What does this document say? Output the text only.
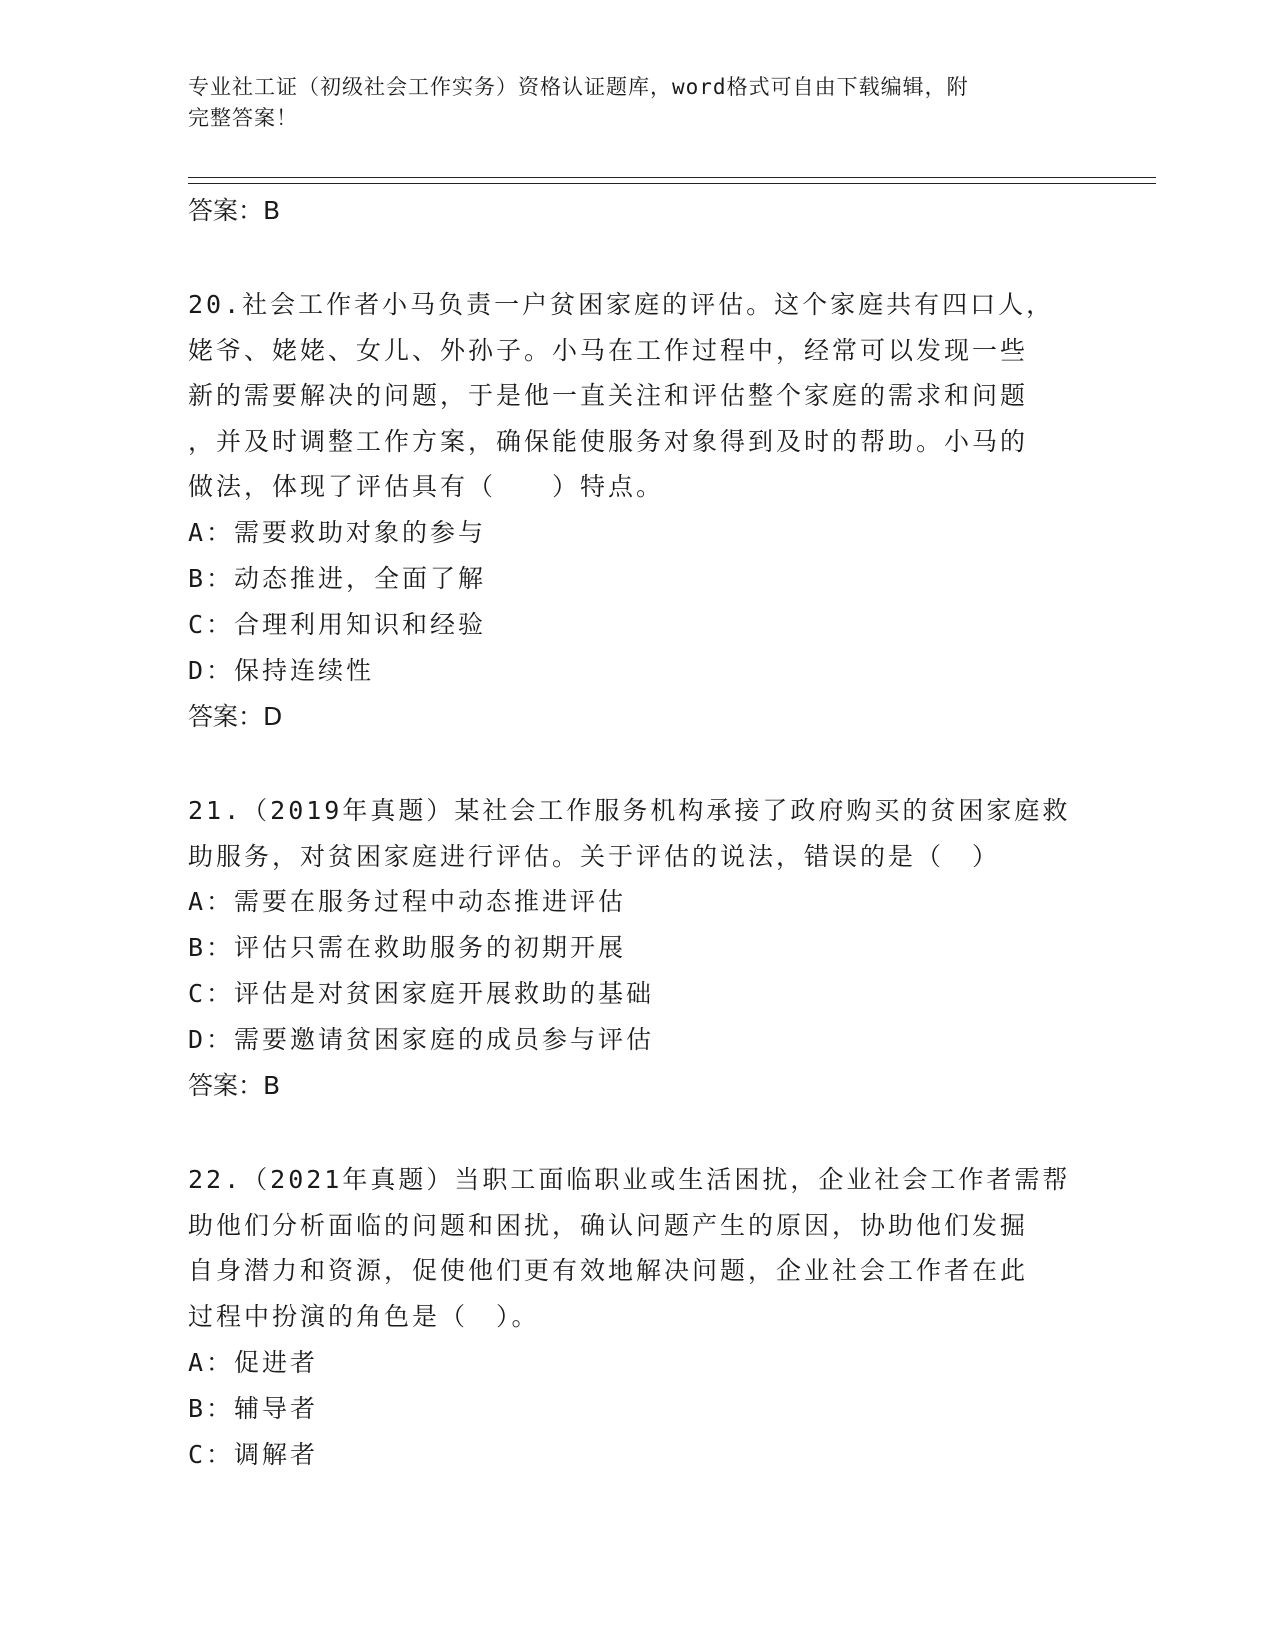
专业社工证（初级社会工作实务）资格认证题库，word格式可自由下载编辑，附
完整答案！
答案：B
20.社会工作者小马负责一户贫困家庭的评估。这个家庭共有四口人，
姥爷、姥姥、女儿、外孙子。小马在工作过程中，经常可以发现一些
新的需要解决的问题，于是他一直关注和评估整个家庭的需求和问题
，并及时调整工作方案，确保能使服务对象得到及时的帮助。小马的
做法，体现了评估具有（　　）特点。
A：需要救助对象的参与
B：动态推进，全面了解
C：合理利用知识和经验
D：保持连续性
答案：D
21.（2019年真题）某社会工作服务机构承接了政府购买的贫困家庭救
助服务，对贫困家庭进行评估。关于评估的说法，错误的是（　）
A：需要在服务过程中动态推进评估
B：评估只需在救助服务的初期开展
C：评估是对贫困家庭开展救助的基础
D：需要邀请贫困家庭的成员参与评估
答案：B
22.（2021年真题）当职工面临职业或生活困扰，企业社会工作者需帮
助他们分析面临的问题和困扰，确认问题产生的原因，协助他们发掘
自身潜力和资源，促使他们更有效地解决问题，企业社会工作者在此
过程中扮演的角色是（　）。
A：促进者
B：辅导者
C：调解者
